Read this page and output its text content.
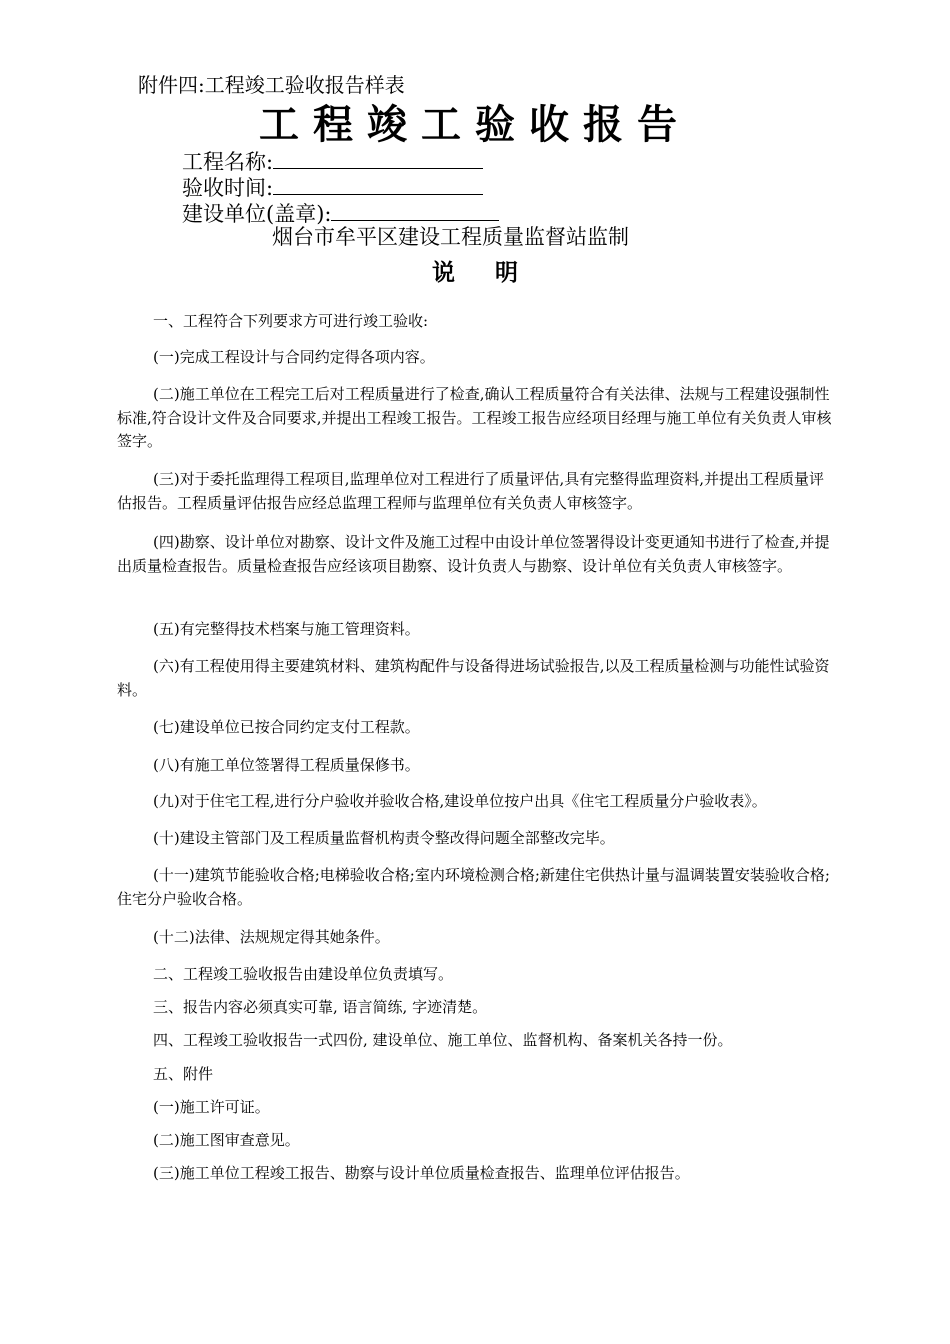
附件四:工程竣工验收报告样表
工程竣工验收报告
工程名称:
验收时间:
建设单位(盖章):
烟台市牟平区建设工程质量监督站监制
说明

一、工程符合下列要求方可进行竣工验收:

(一)完成工程设计与合同约定得各项内容。

(二)施工单位在工程完工后对工程质量进行了检查,确认工程质量符合有关法律、法规与工程建设强制性标准,符合设计文件及合同要求,并提出工程竣工报告。工程竣工报告应经项目经理与施工单位有关负责人审核签字。

(三)对于委托监理得工程项目,监理单位对工程进行了质量评估,具有完整得监理资料,并提出工程质量评估报告。工程质量评估报告应经总监理工程师与监理单位有关负责人审核签字。

(四)勘察、设计单位对勘察、设计文件及施工过程中由设计单位签署得设计变更通知书进行了检查,并提出质量检查报告。质量检查报告应经该项目勘察、设计负责人与勘察、设计单位有关负责人审核签字。

(五)有完整得技术档案与施工管理资料。

(六)有工程使用得主要建筑材料、建筑构配件与设备得进场试验报告,以及工程质量检测与功能性试验资料。

(七)建设单位已按合同约定支付工程款。

(八)有施工单位签署得工程质量保修书。

(九)对于住宅工程,进行分户验收并验收合格,建设单位按户出具《住宅工程质量分户验收表》。

(十)建设主管部门及工程质量监督机构责令整改得问题全部整改完毕。

(十一)建筑节能验收合格;电梯验收合格;室内环境检测合格;新建住宅供热计量与温调装置安装验收合格;住宅分户验收合格。

(十二)法律、法规规定得其她条件。

二、工程竣工验收报告由建设单位负责填写。

三、报告内容必须真实可靠, 语言简练, 字迹清楚。

四、工程竣工验收报告一式四份, 建设单位、施工单位、监督机构、备案机关各持一份。

五、附件

(一)施工许可证。

(二)施工图审查意见。

(三)施工单位工程竣工报告、勘察与设计单位质量检查报告、监理单位评估报告。
